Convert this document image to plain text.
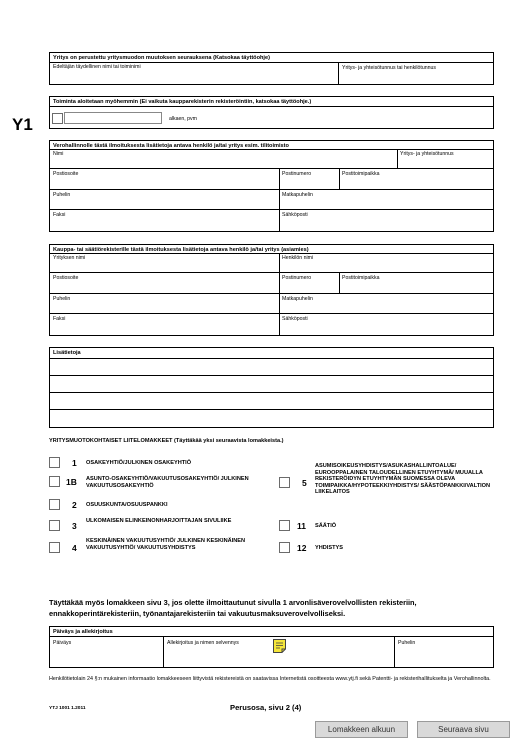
Y1
Yritys on perustettu yritysmuodon muutoksen seurauksena (Katsokaa täyttöohje)
Edeltäjän täydellinen nimi tai toiminimi	Yritys- ja yhteisötunnus tai henkilötunnus
Toiminta aloitetaan myöhemmin (Ei vaikuta kaupparekisterin rekisteröintiin, katsokaa täyttöohje.)
alkaen, pvm
Verohallinnolle tästä ilmoituksesta lisätietoja antava henkilö ja/tai yritys esim. tilitoimisto
Nimi	Yritys- ja yhteisötunnus
Postiosoite	Postinumero	Postitoimipaikka
Puhelin	Matkapuhelin
Faksi	Sähköposti
Kauppa- tai säätiörekisterille tästä ilmoituksesta lisätietoja antava henkilö ja/tai yritys (asiamies)
Yrityksen nimi	Henkilön nimi
Postiosoite	Postinumero	Postitoimipaikka
Puhelin	Matkapuhelin
Faksi	Sähköposti
Lisätietoja
YRITYSMUOTOKOHTAISET LIITELOMAKKEET (Täyttäkää yksi seuraavista lomakkeista.)
1 OSAKEYHTIÖ/JULKINEN OSAKEYHTIÖ
1B ASUNTO-OSAKEYHTIÖ/VAKUUTUSOSAKEYHTIÖ/ JULKINEN VAKUUTUSOSAKEYHTIÖ
2 OSUUSKUNTA/OSUUSPANKKI
3 ULKOMAISEN ELINKEINONHARJOITTAJAN SIVULIIKE
4
KESKINÄINEN VAKUUTUSYHTIÖ/ JULKINEN KESKINÄINEN VAKUUTUSYHTIÖ/ VAKUUTUSYHDISTYS
5
ASUMISOIKEUSYHDISTYS/ASUKASHALLINTOALUE/ EUROOPPALAINEN TALOUDELLINEN ETUYHTYMÄ/ MUUALLA REKISTERÖIDYN ETUYHTYMÄN SUOMESSA OLEVA TOIMIPAIKKA/HYPOTEEKKIYHDISTYS/ SÄÄSTÖPANKKI/VALTION LIIKELAITOS
11 SÄÄTIÖ
12 YHDISTYS
Täyttäkää myös lomakkeen sivu 3, jos olette ilmoittautunut sivulla 1 arvonlisäverovelvollisten rekisteriin, ennakkoperintärekisteriin, työnantajarekisteriin tai vakuutusmaksuverovelvolliseksi.
Päiväys ja allekirjoitus
Päiväys	Allekirjoitus ja nimen selvennys	Puhelin
Henkilötietolain 24 §:n mukainen informaatio lomakkeeseen liittyvistä rekistereistä on saatavissa Internetistä osoitteesta www.ytj.fi sekä Patentti- ja rekisterihallitukselta ja Verohallinnolta.
YTJ 1001 1.2011	Perusosa, sivu 2 (4)
Lomakkeen alkuun	Seuraava sivu
